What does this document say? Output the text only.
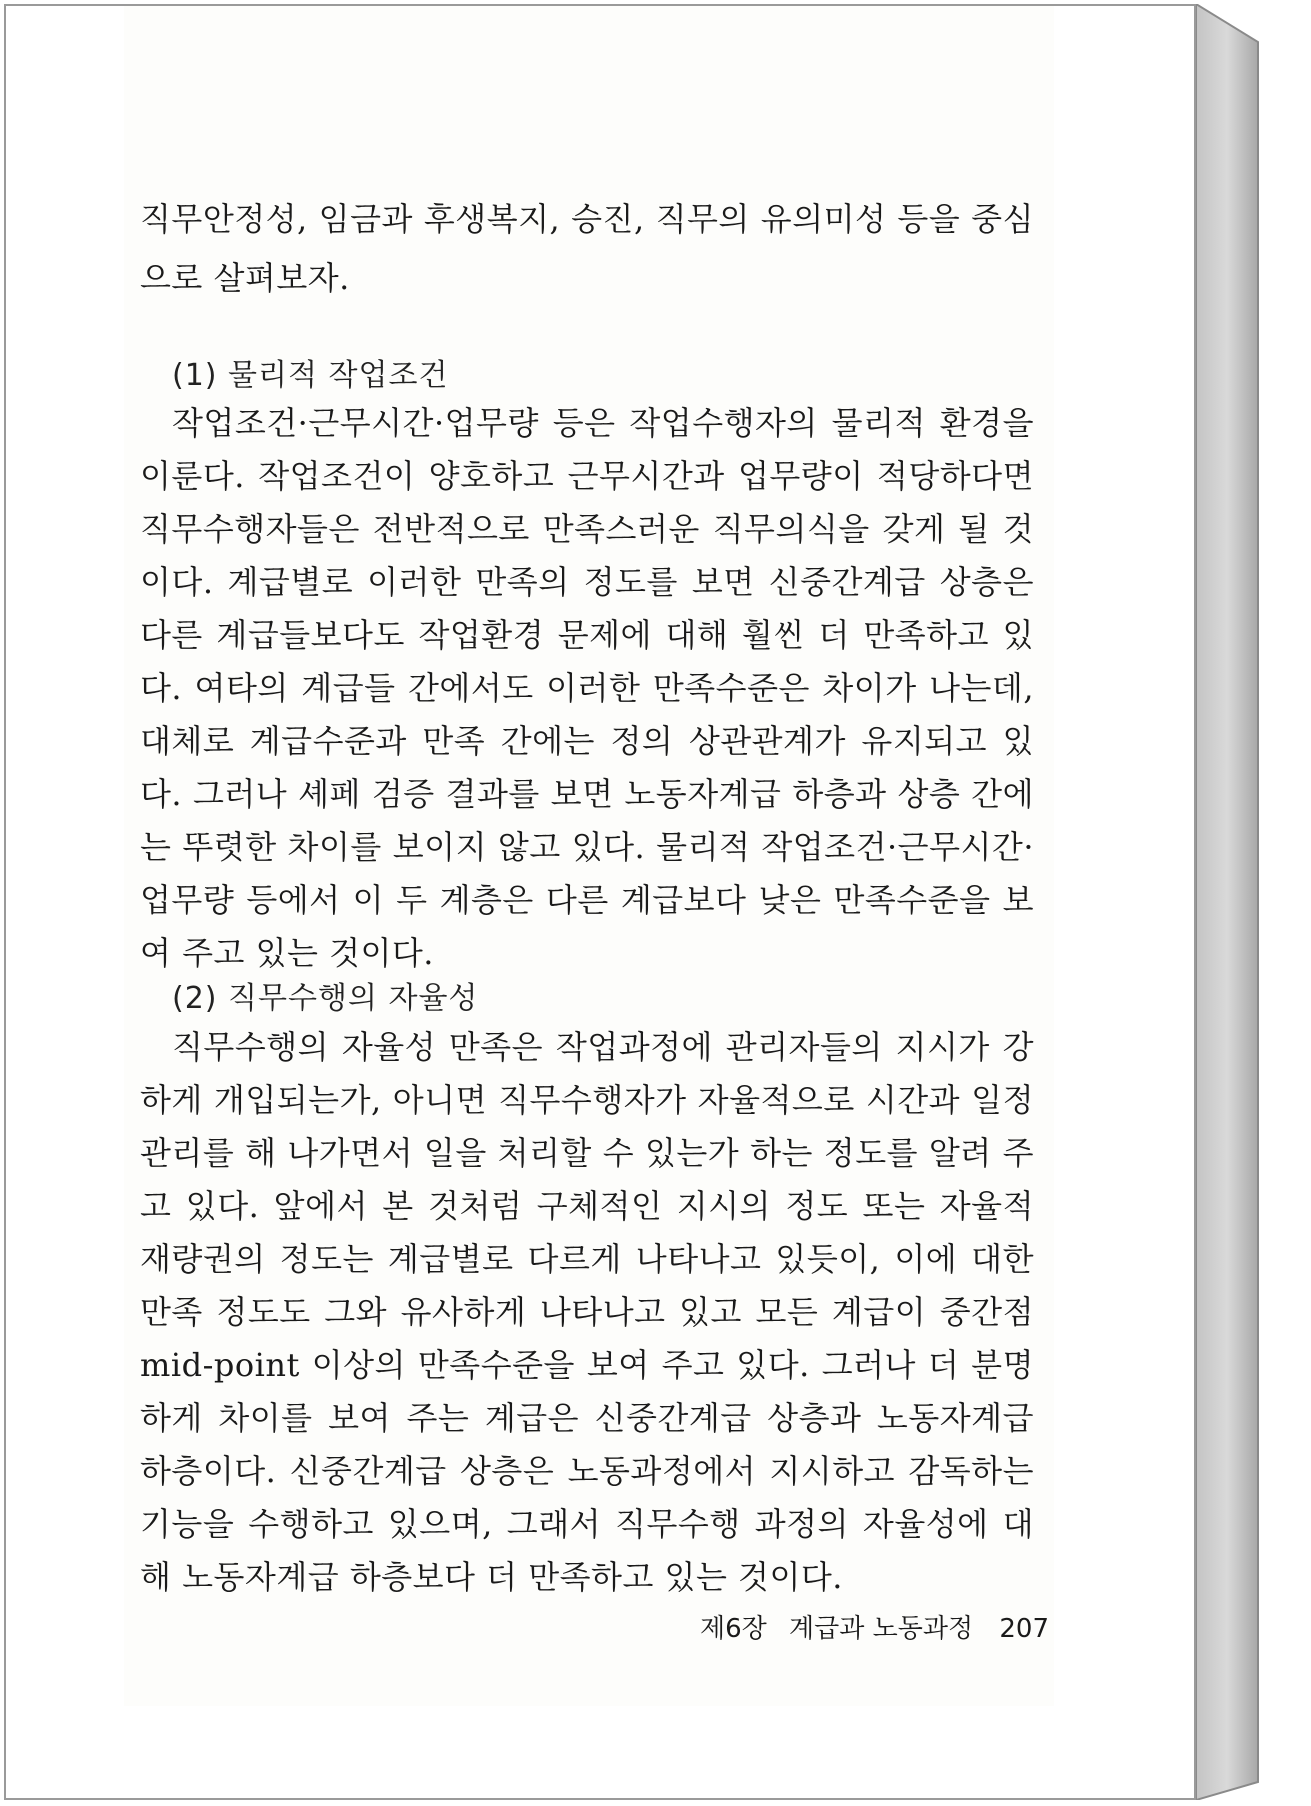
직무안정성, 임금과 후생복지, 승진, 직무의 유의미성 등을 중심으로 살펴보자.

(1) 물리적 작업조건

작업조건·근무시간·업무량 등은 작업수행자의 물리적 환경을 이룬다. 작업조건이 양호하고 근무시간과 업무량이 적당하다면 직무수행자들은 전반적으로 만족스러운 직무의식을 갖게 될 것이다. 계급별로 이러한 만족의 정도를 보면 신중간계급 상층은 다른 계급들보다도 작업환경 문제에 대해 훨씬 더 만족하고 있다. 여타의 계급들 간에서도 이러한 만족수준은 차이가 나는데, 대체로 계급수준과 만족 간에는 정의 상관관계가 유지되고 있다. 그러나 셰페 검증 결과를 보면 노동자계급 하층과 상층 간에는 뚜렷한 차이를 보이지 않고 있다. 물리적 작업조건·근무시간·업무량 등에서 이 두 계층은 다른 계급보다 낮은 만족수준을 보여 주고 있는 것이다.

(2) 직무수행의 자율성

직무수행의 자율성 만족은 작업과정에 관리자들의 지시가 강하게 개입되는가, 아니면 직무수행자가 자율적으로 시간과 일정관리를 해 나가면서 일을 처리할 수 있는가 하는 정도를 알려 주고 있다. 앞에서 본 것처럼 구체적인 지시의 정도 또는 자율적 재량권의 정도는 계급별로 다르게 나타나고 있듯이, 이에 대한 만족 정도도 그와 유사하게 나타나고 있고 모든 계급이 중간점 mid-point 이상의 만족수준을 보여 주고 있다. 그러나 더 분명하게 차이를 보여 주는 계급은 신중간계급 상층과 노동자계급 하층이다. 신중간계급 상층은 노동과정에서 지시하고 감독하는 기능을 수행하고 있으며, 그래서 직무수행 과정의 자율성에 대해 노동자계급 하층보다 더 만족하고 있는 것이다.

제6장 계급과 노동과정 207
